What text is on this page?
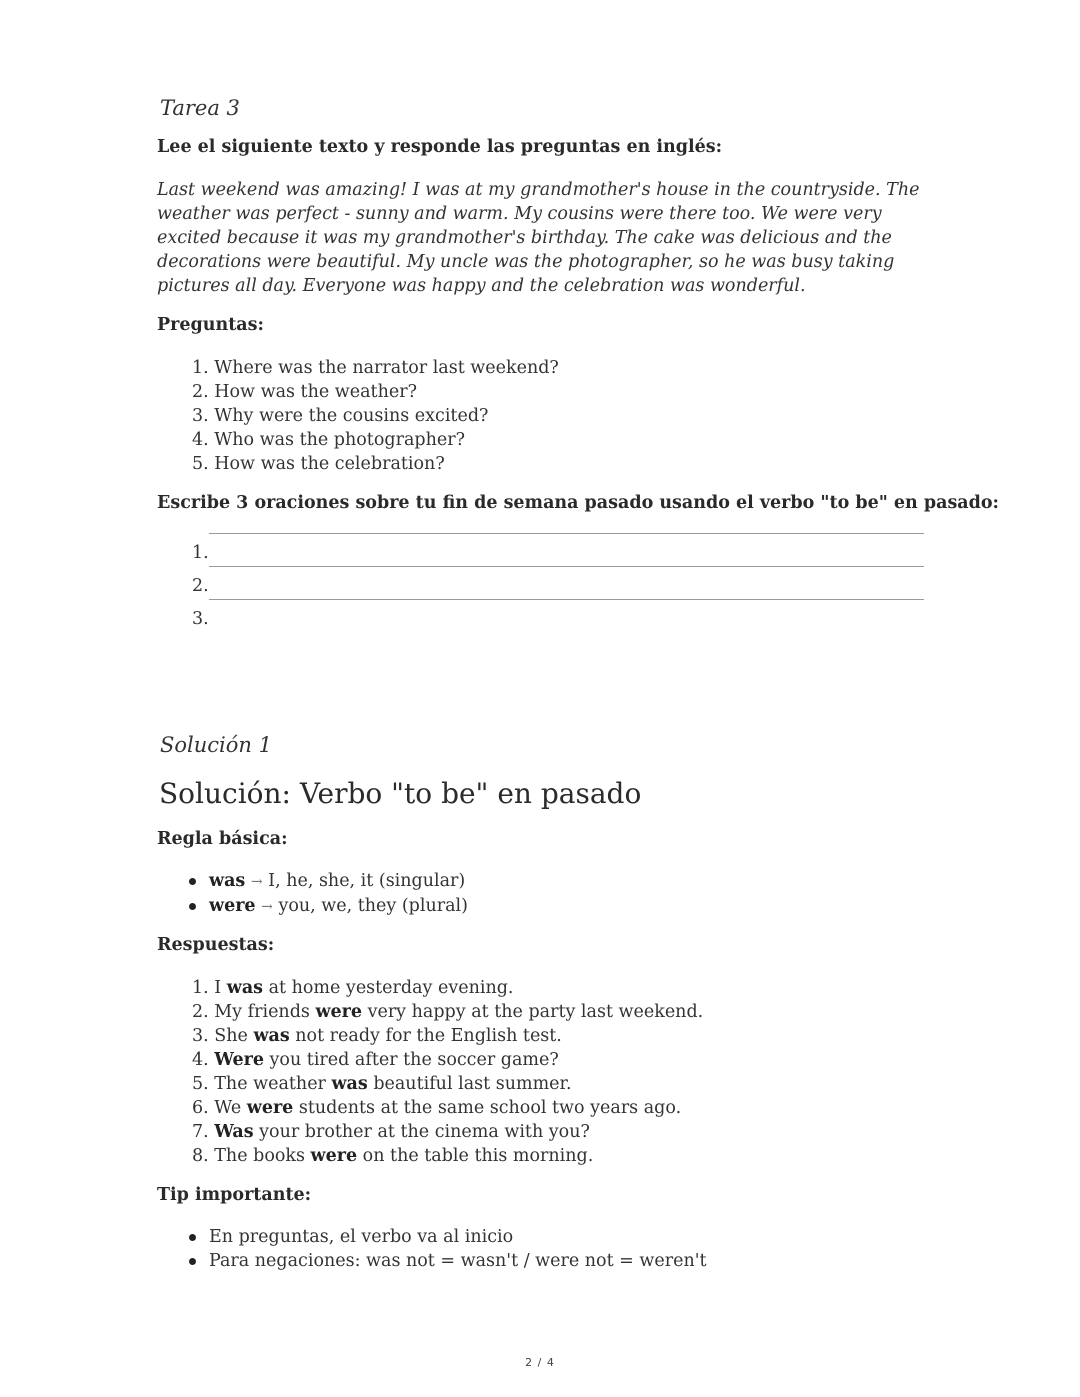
Tarea 3
Lee el siguiente texto y responde las preguntas en inglés:

Last weekend was amazing! I was at my grandmother's house in the countryside. The weather was perfect - sunny and warm. My cousins were there too. We were very excited because it was my grandmother's birthday. The cake was delicious and the decorations were beautiful. My uncle was the photographer, so he was busy taking pictures all day. Everyone was happy and the celebration was wonderful.

Preguntas:
1. Where was the narrator last weekend?
2. How was the weather?
3. Why were the cousins excited?
4. Who was the photographer?
5. How was the celebration?
Escribe 3 oraciones sobre tu fin de semana pasado usando el verbo "to be" en pasado:
1.
2.
3.
Solución 1
Solución: Verbo "to be" en pasado
Regla básica:
was → I, he, she, it (singular)
were → you, we, they (plural)
Respuestas:
1. I was at home yesterday evening.
2. My friends were very happy at the party last weekend.
3. She was not ready for the English test.
4. Were you tired after the soccer game?
5. The weather was beautiful last summer.
6. We were students at the same school two years ago.
7. Was your brother at the cinema with you?
8. The books were on the table this morning.
Tip importante:
En preguntas, el verbo va al inicio
Para negaciones: was not = wasn't / were not = weren't
2 / 4
